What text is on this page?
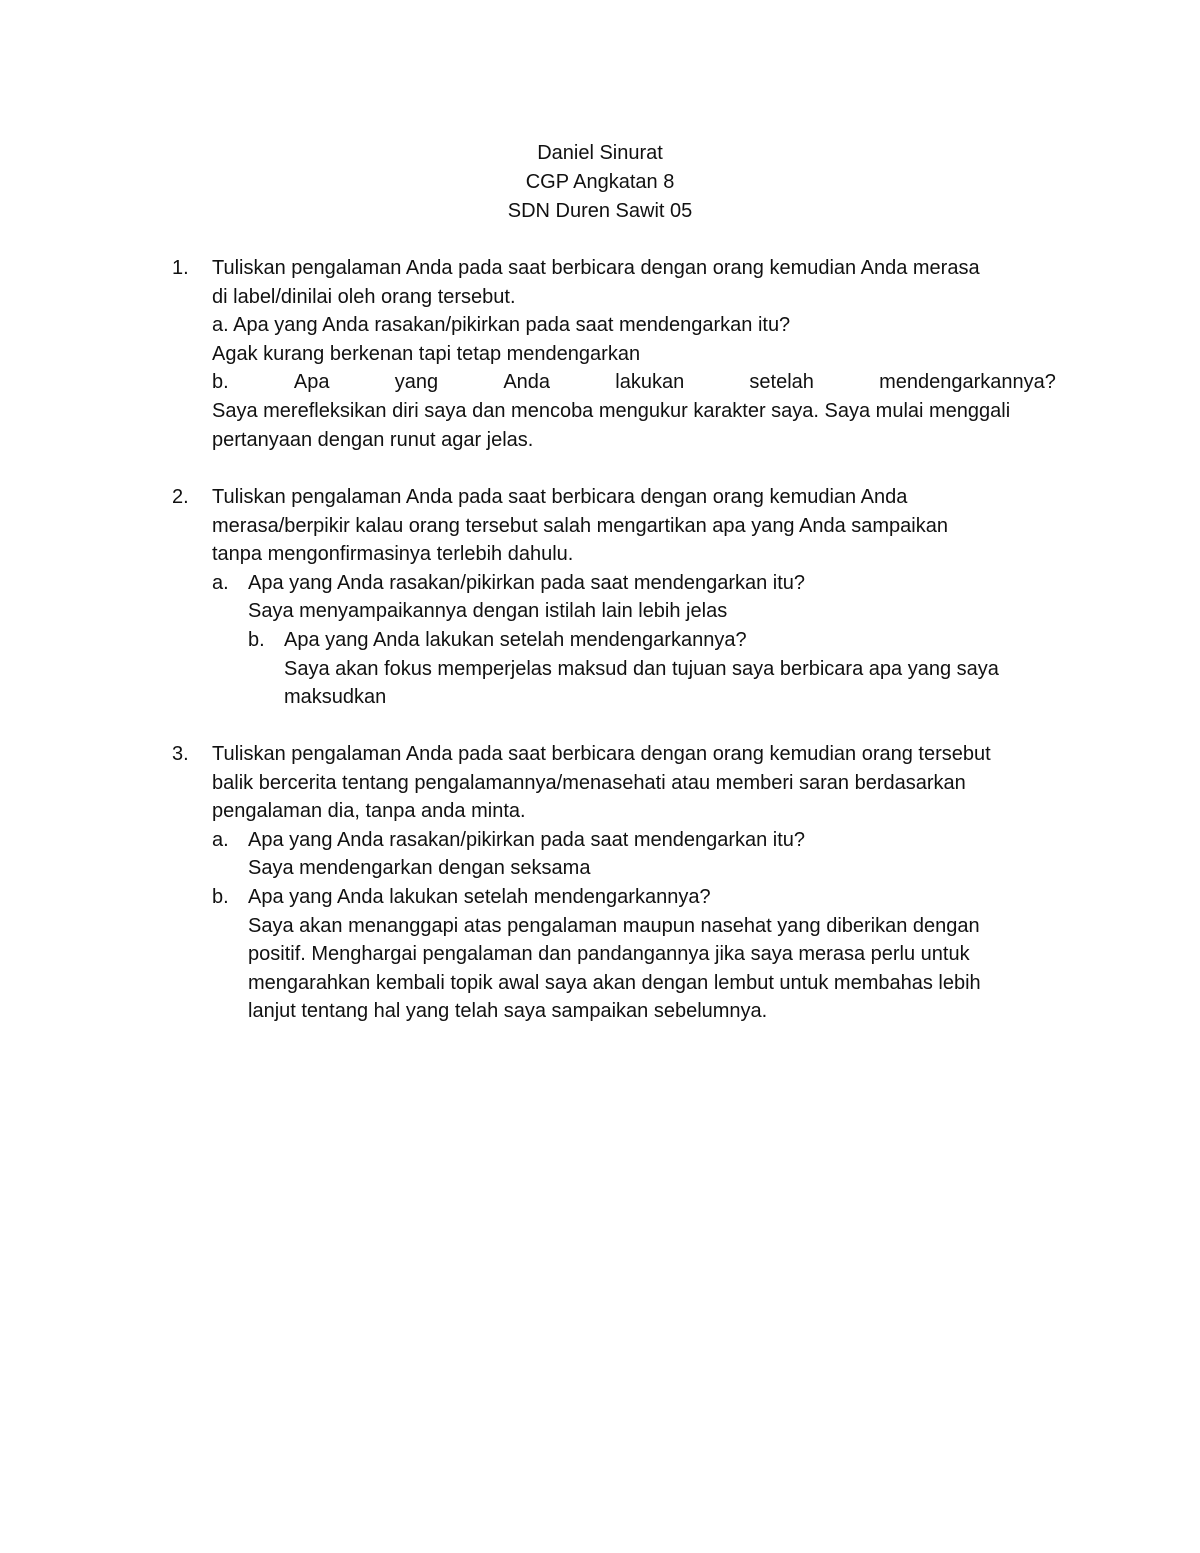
Daniel Sinurat
CGP Angkatan 8
SDN Duren Sawit 05
1. Tuliskan pengalaman Anda pada saat berbicara dengan orang kemudian Anda merasa
di label/dinilai oleh orang tersebut.
a. Apa yang Anda rasakan/pikirkan pada saat mendengarkan itu?
Agak kurang berkenan tapi tetap mendengarkan
b.	Apa	yang	Anda	lakukan	setelah	mendengarkannya?
Saya merefleksikan diri saya dan mencoba mengukur karakter saya. Saya mulai menggali
pertanyaan dengan runut agar jelas.
2. Tuliskan pengalaman Anda pada saat berbicara dengan orang kemudian Anda
merasa/berpikir kalau orang tersebut salah mengartikan apa yang Anda sampaikan
tanpa mengonfirmasinya terlebih dahulu.
a. Apa yang Anda rasakan/pikirkan pada saat mendengarkan itu?
Saya menyampaikannya dengan istilah lain lebih jelas
b. Apa yang Anda lakukan setelah mendengarkannya?
Saya akan fokus memperjelas maksud dan tujuan saya berbicara apa yang saya
maksudkan
3. Tuliskan pengalaman Anda pada saat berbicara dengan orang kemudian orang tersebut
balik bercerita tentang pengalamannya/menasehati atau memberi saran berdasarkan
pengalaman dia, tanpa anda minta.
a. Apa yang Anda rasakan/pikirkan pada saat mendengarkan itu?
Saya mendengarkan dengan seksama
b. Apa yang Anda lakukan setelah mendengarkannya?
Saya akan menanggapi atas pengalaman maupun nasehat yang diberikan dengan
positif. Menghargai pengalaman dan pandangannya jika saya merasa perlu untuk
mengarahkan kembali topik awal saya akan dengan lembut untuk membahas lebih
lanjut tentang hal yang telah saya sampaikan sebelumnya.
